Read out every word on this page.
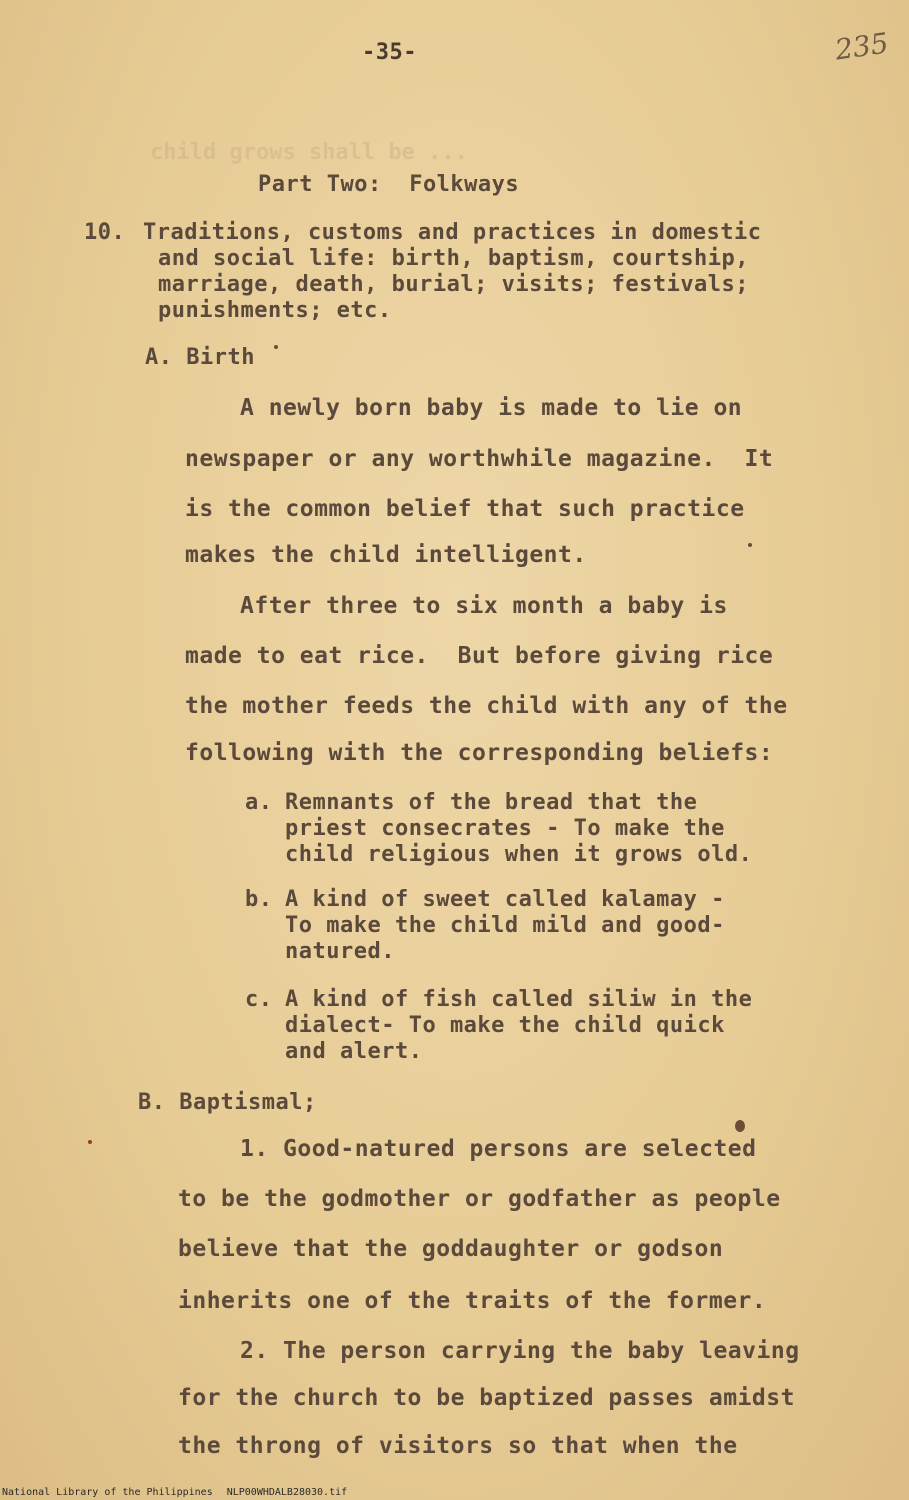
child grows shall be ...
-35-	235
Part Two:  Folkways
10. Traditions, customs and practices in domestic
and social life: birth, baptism, courtship,
marriage, death, burial; visits; festivals;
punishments; etc.
A. Birth
A newly born baby is made to lie on
newspaper or any worthwhile magazine.  It
is the common belief that such practice
makes the child intelligent.
After three to six month a baby is
made to eat rice.  But before giving rice
the mother feeds the child with any of the
following with the corresponding beliefs:
a. Remnants of the bread that the
priest consecrates - To make the
child religious when it grows old.
b. A kind of sweet called kalamay -
To make the child mild and good-
natured.
c. A kind of fish called siliw in the
dialect- To make the child quick
and alert.
B. Baptismal;
1. Good-natured persons are selected
to be the godmother or godfather as people
believe that the goddaughter or godson
inherits one of the traits of the former.
2. The person carrying the baby leaving
for the church to be baptized passes amidst
the throng of visitors so that when the
National Library of the Philippines NLP00WHDALB28030.tif
